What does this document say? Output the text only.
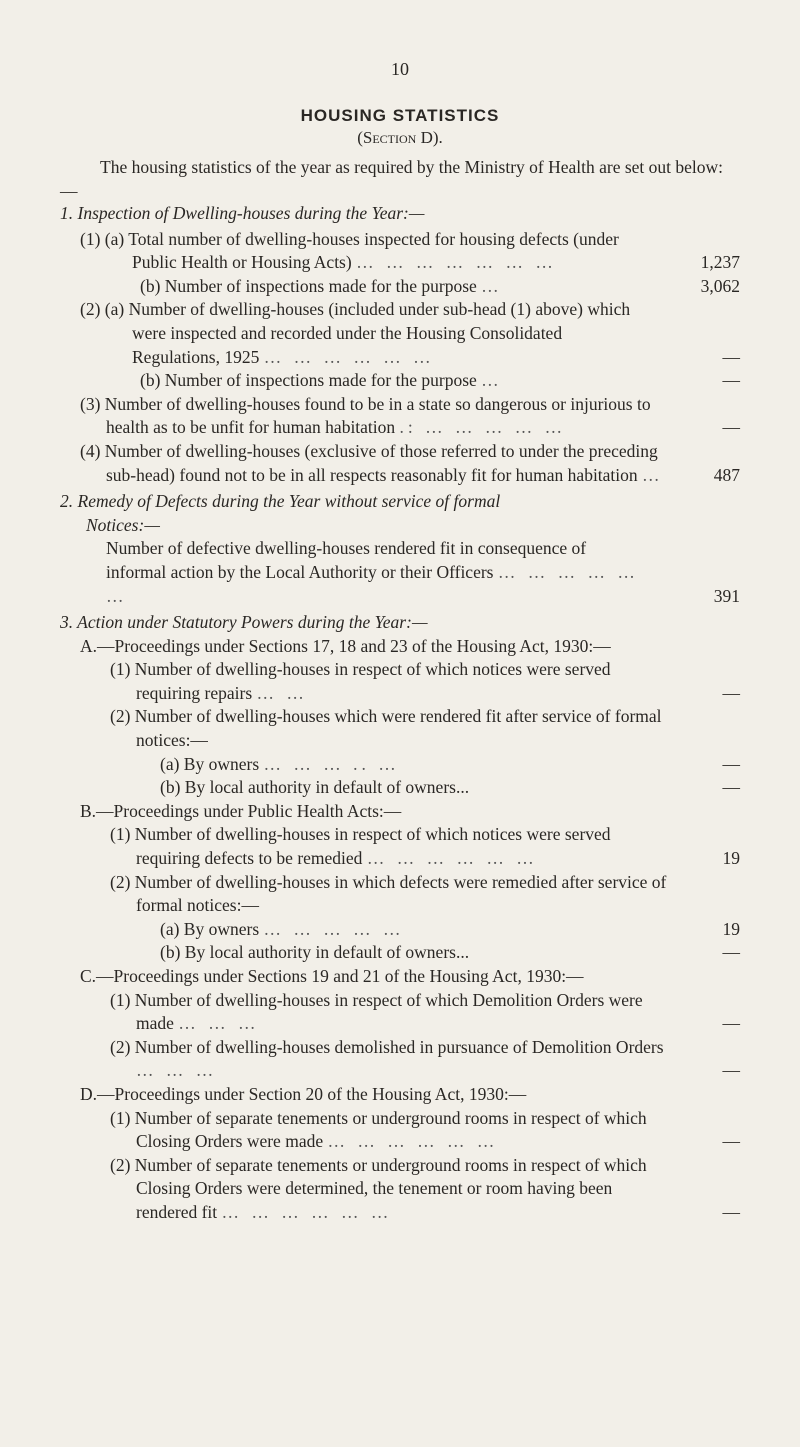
10
HOUSING STATISTICS
(Section D).

The housing statistics of the year as required by the Ministry of Health are set out below:—

1. Inspection of Dwelling-houses during the Year:—
(1) (a) Total number of dwelling-houses inspected for housing defects (under Public Health or Housing Acts) … … … … … … …	1,237
(b) Number of inspections made for the purpose …	3,062
(2) (a) Number of dwelling-houses (included under sub-head (1) above) which were inspected and recorded under the Housing Consolidated Regulations, 1925 … … … … … …	—
(b) Number of inspections made for the purpose …	—
(3) Number of dwelling-houses found to be in a state so dangerous or injurious to health as to be unfit for human habitation .: … … … … …	—
(4) Number of dwelling-houses (exclusive of those referred to under the preceding sub-head) found not to be in all respects reasonably fit for human habitation …	487
2. Remedy of Defects during the Year without service of formal Notices:—
Number of defective dwelling-houses rendered fit in consequence of informal action by the Local Authority or their Officers … … … … … …	391
3. Action under Statutory Powers during the Year:—
A.—Proceedings under Sections 17, 18 and 23 of the Housing Act, 1930:—
(1) Number of dwelling-houses in respect of which notices were served requiring repairs … …	—
(2) Number of dwelling-houses which were rendered fit after service of formal notices:—
(a) By owners … … … .. …	—
(b) By local authority in default of owners...	—
B.—Proceedings under Public Health Acts:—
(1) Number of dwelling-houses in respect of which notices were served requiring defects to be remedied … … … … … …	19
(2) Number of dwelling-houses in which defects were remedied after service of formal notices:—
(a) By owners … … … … …	19
(b) By local authority in default of owners...	—
C.—Proceedings under Sections 19 and 21 of the Housing Act, 1930:—
(1) Number of dwelling-houses in respect of which Demolition Orders were made … … …	—
(2) Number of dwelling-houses demolished in pursuance of Demolition Orders … … …	—
D.—Proceedings under Section 20 of the Housing Act, 1930:—
(1) Number of separate tenements or underground rooms in respect of which Closing Orders were made … … … … … …	—
(2) Number of separate tenements or underground rooms in respect of which Closing Orders were determined, the tenement or room having been rendered fit … … … … … …	—
